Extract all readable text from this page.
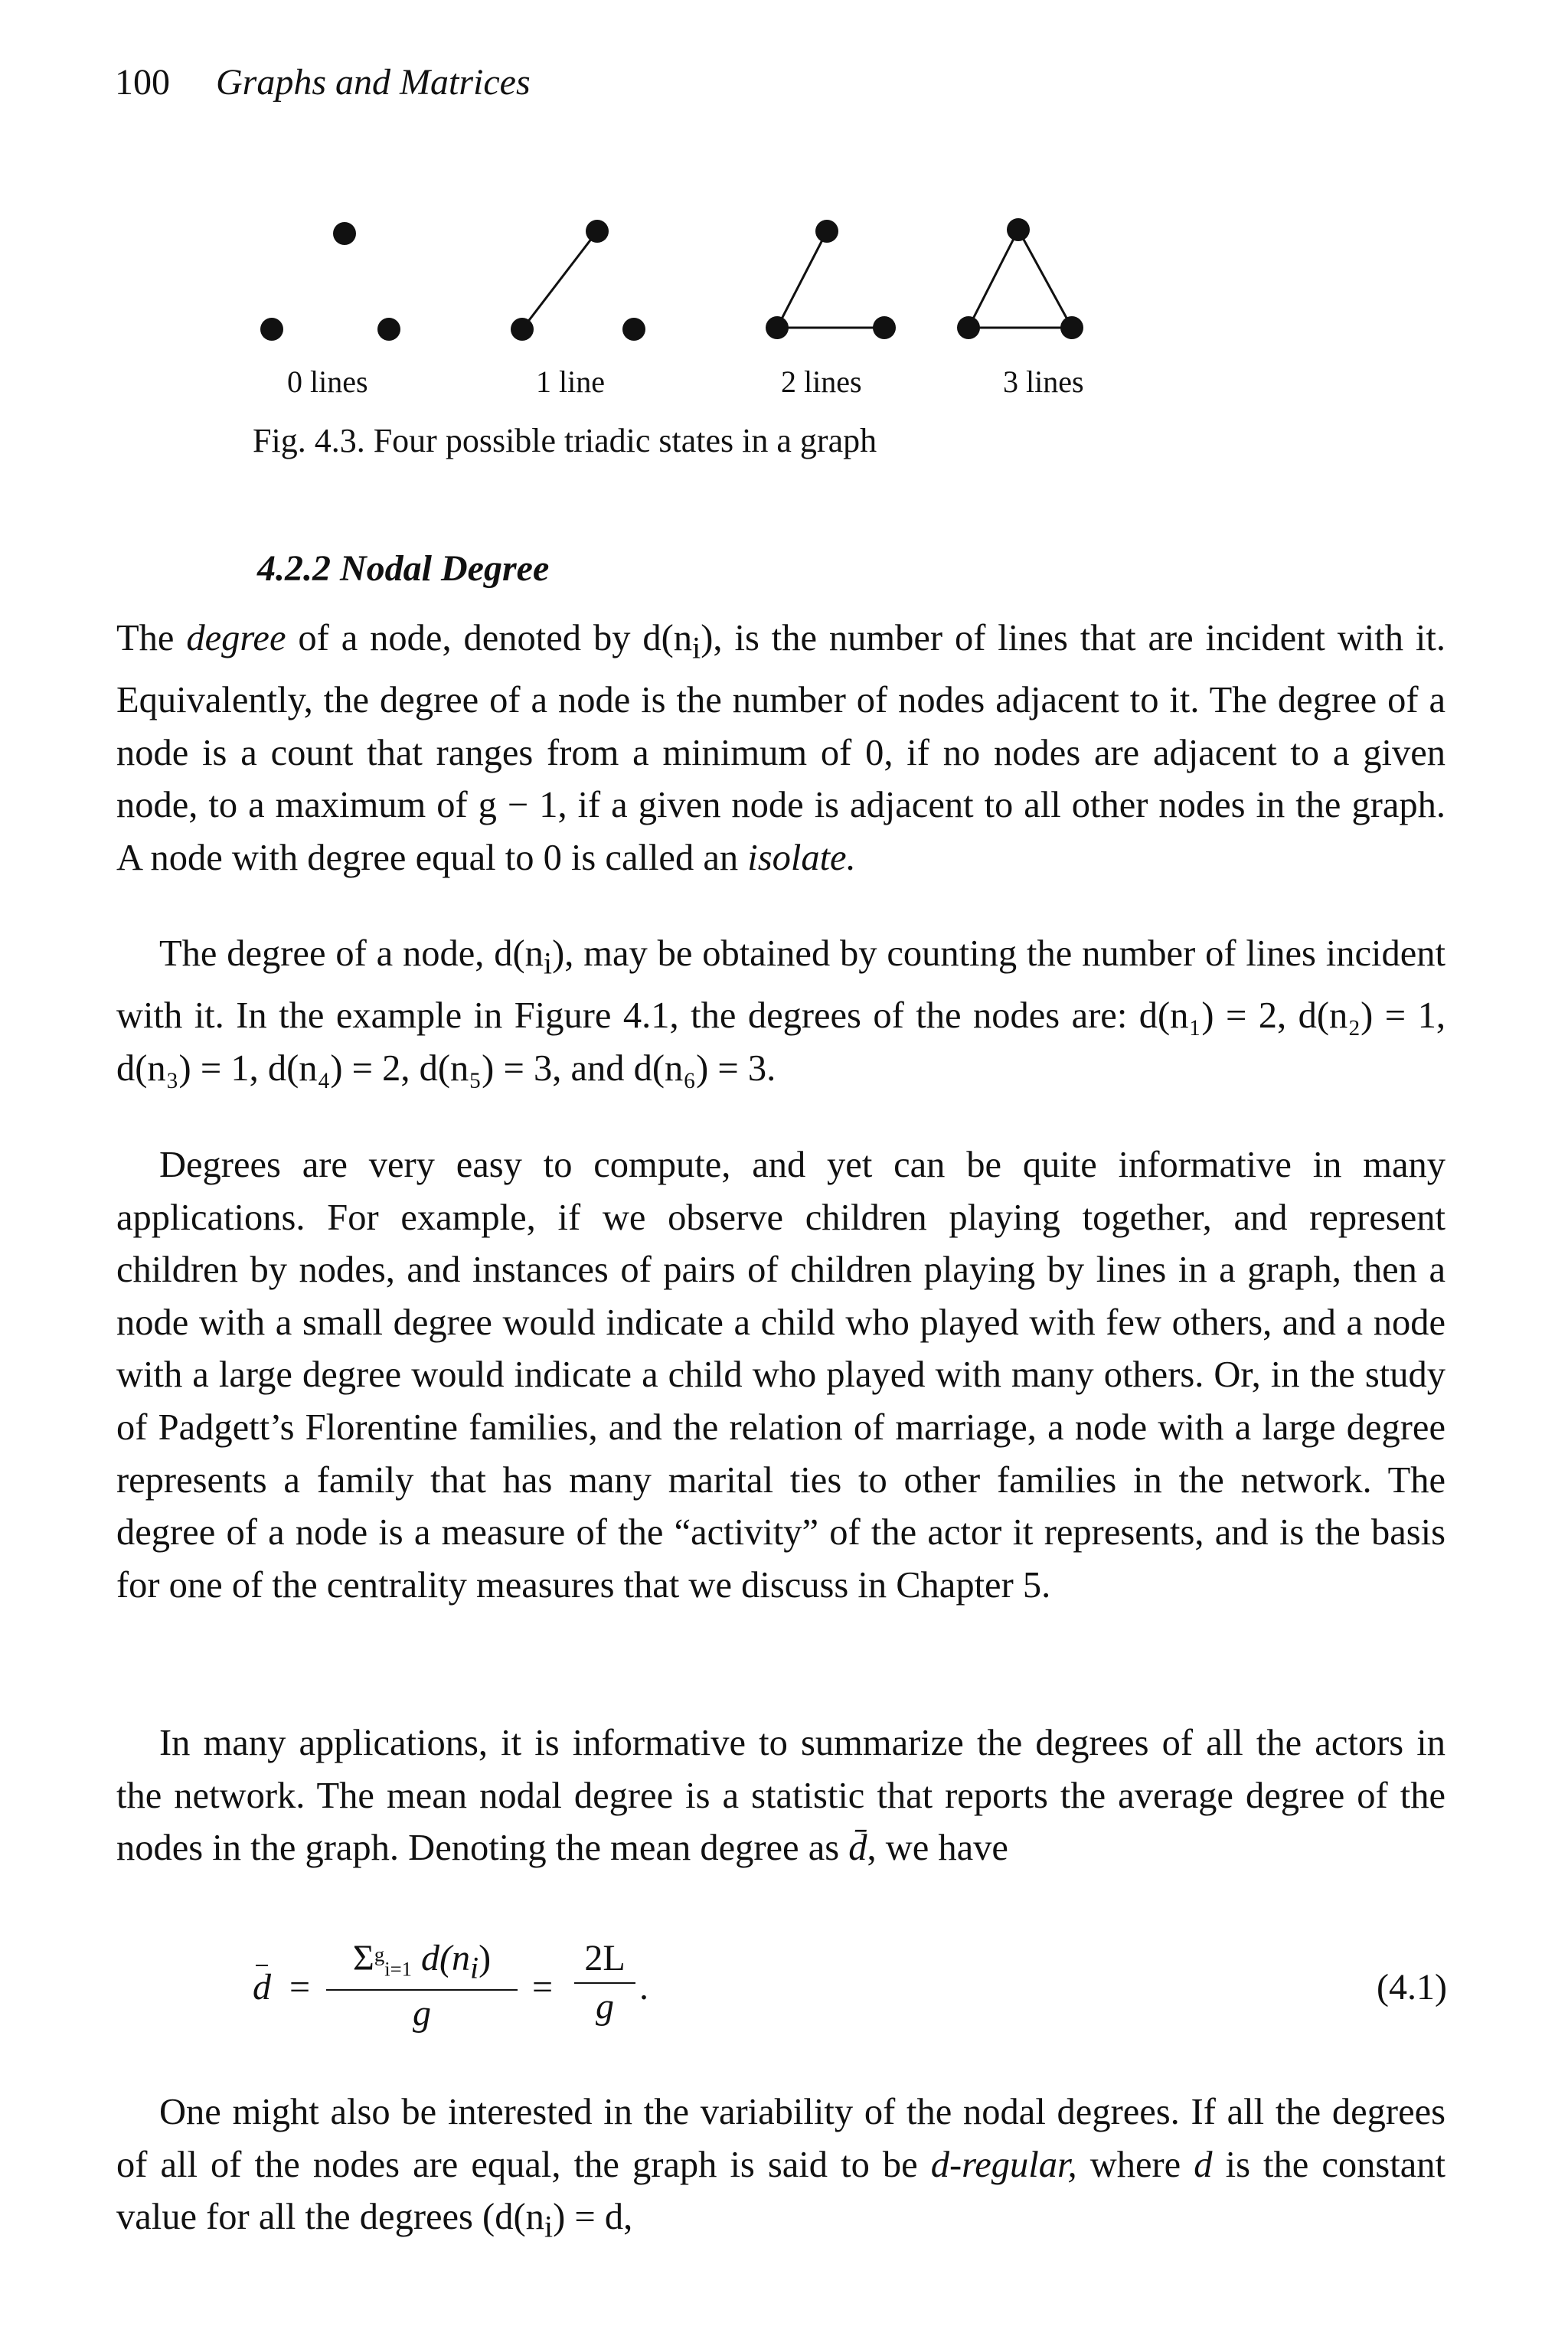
100 Graphs and Matrices
0 lines	1 line	2 lines	3 lines
Fig. 4.3. Four possible triadic states in a graph
4.2.2 Nodal Degree

The degree of a node, denoted by $d(n_i)$, is the number of lines that are incident with it. Equivalently, the degree of a node is the number of nodes adjacent to it. The degree of a node is a count that ranges from a minimum of 0, if no nodes are adjacent to a given node, to a maximum of g − 1, if a given node is adjacent to all other nodes in the graph. A node with degree equal to 0 is called an isolate.

The degree of a node, $d(n_i)$, may be obtained by counting the number of lines incident with it. In the example in Figure 4.1, the degrees of the nodes are: d(n₁) = 2, d(n₂) = 1, d(n₃) = 1, d(n₄) = 2, d(n₅) = 3, and d(n₆) = 3.

Degrees are very easy to compute, and yet can be quite informative in many applications. For example, if we observe children playing together, and represent children by nodes, and instances of pairs of children playing by lines in a graph, then a node with a small degree would indicate a child who played with few others, and a node with a large degree would indicate a child who played with many others. Or, in the study of Padgett’s Florentine families, and the relation of marriage, a node with a large degree represents a family that has many marital ties to other families in the network. The degree of a node is a measure of the “activity” of the actor it represents, and is the basis for one of the centrality measures that we discuss in Chapter 5.

In many applications, it is informative to summarize the degrees of all the actors in the network. The mean nodal degree is a statistic that reports the average degree of the nodes in the graph. Denoting the mean degree as d̄, we have

d =
$\Sigma^g_{i=1}$ $d(n_i)$
g
= $\frac{2L}{g}$ .	(4.1)

One might also be interested in the variability of the nodal degrees. If all the degrees of all of the nodes are equal, the graph is said to be d-regular, where d is the constant value for all the degrees ($d(n_i) = d$,
